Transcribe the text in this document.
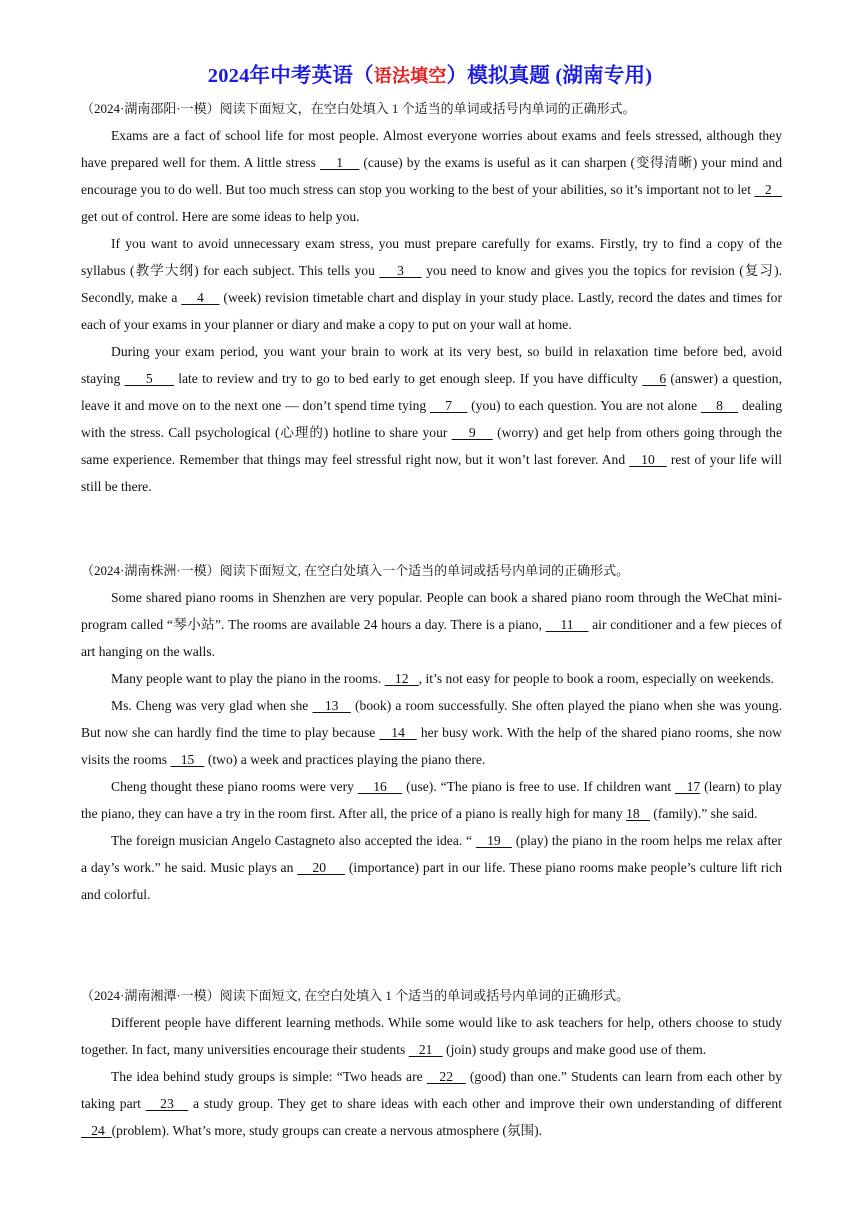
2024年中考英语（语法填空）模拟真题 (湖南专用)
（2024·湖南邵阳·一模）阅读下面短文，在空白处填入 1 个适当的单词或括号内单词的正确形式。

Exams are a fact of school life for most people. Almost everyone worries about exams and feels stressed, although they have prepared well for them. A little stress     1     (cause) by the exams is useful as it can sharpen (变得清晰) your mind and encourage you to do well. But too much stress can stop you working to the best of your abilities, so it’s important not to let    2    get out of control. Here are some ideas to help you.

If you want to avoid unnecessary exam stress, you must prepare carefully for exams. Firstly, try to find a copy of the syllabus (教学大纲) for each subject. This tells you     3     you need to know and gives you the topics for revision (复习). Secondly, make a     4     (week) revision timetable chart and display in your study place. Lastly, record the dates and times for each of your exams in your planner or diary and make a copy to put on your wall at home.

During your exam period, you want your brain to work at its very best, so build in relaxation time before bed, avoid staying      5      late to review and try to go to bed early to get enough sleep. If you have difficulty     6 (answer) a question, leave it and move on to the next one — don’t spend time tying     7     (you) to each question. You are not alone     8     dealing with the stress. Call psychological (心理的) hotline to share your     9     (worry) and get help from others going through the same experience. Remember that things may feel stressful right now, but it won’t last forever. And    10    rest of your life will still be there.

（2024·湖南株洲·一模）阅读下面短文, 在空白处填入一个适当的单词或括号内单词的正确形式。

Some shared piano rooms in Shenzhen are very popular. People can book a shared piano room through the WeChat mini-program called “琴小站”. The rooms are available 24 hours a day. There is a piano,     11     air conditioner and a few pieces of art hanging on the walls.

Many people want to play the piano in the rooms.    12   , it’s not easy for people to book a room, especially on weekends.

Ms. Cheng was very glad when she    13    (book) a room successfully. She often played the piano when she was young. But now she can hardly find the time to play because    14    her busy work. With the help of the shared piano rooms, she now visits the rooms    15    (two) a week and practices playing the piano there.

Cheng thought these piano rooms were very     16     (use). “The piano is free to use. If children want    17 (learn) to play the piano, they can have a try in the room first. After all, the price of a piano is really high for many 18    (family).” she said.

The foreign musician Angelo Castagneto also accepted the idea. “    19    (play) the piano in the room helps me relax after a day’s work.” he said. Music plays an     20      (importance) part in our life. These piano rooms make people’s culture lift rich and colorful.

（2024·湖南湘潭·一模）阅读下面短文, 在空白处填入 1 个适当的单词或括号内单词的正确形式。

Different people have different learning methods. While some would like to ask teachers for help, others choose to study together. In fact, many universities encourage their students    21    (join) study groups and make good use of them.

The idea behind study groups is simple: “Two heads are    22    (good) than one.” Students can learn from each other by taking part    23    a study group. They get to share ideas with each other and improve their own understanding of different    24  (problem). What’s more, study groups can create a nervous atmosphere (氛围).
